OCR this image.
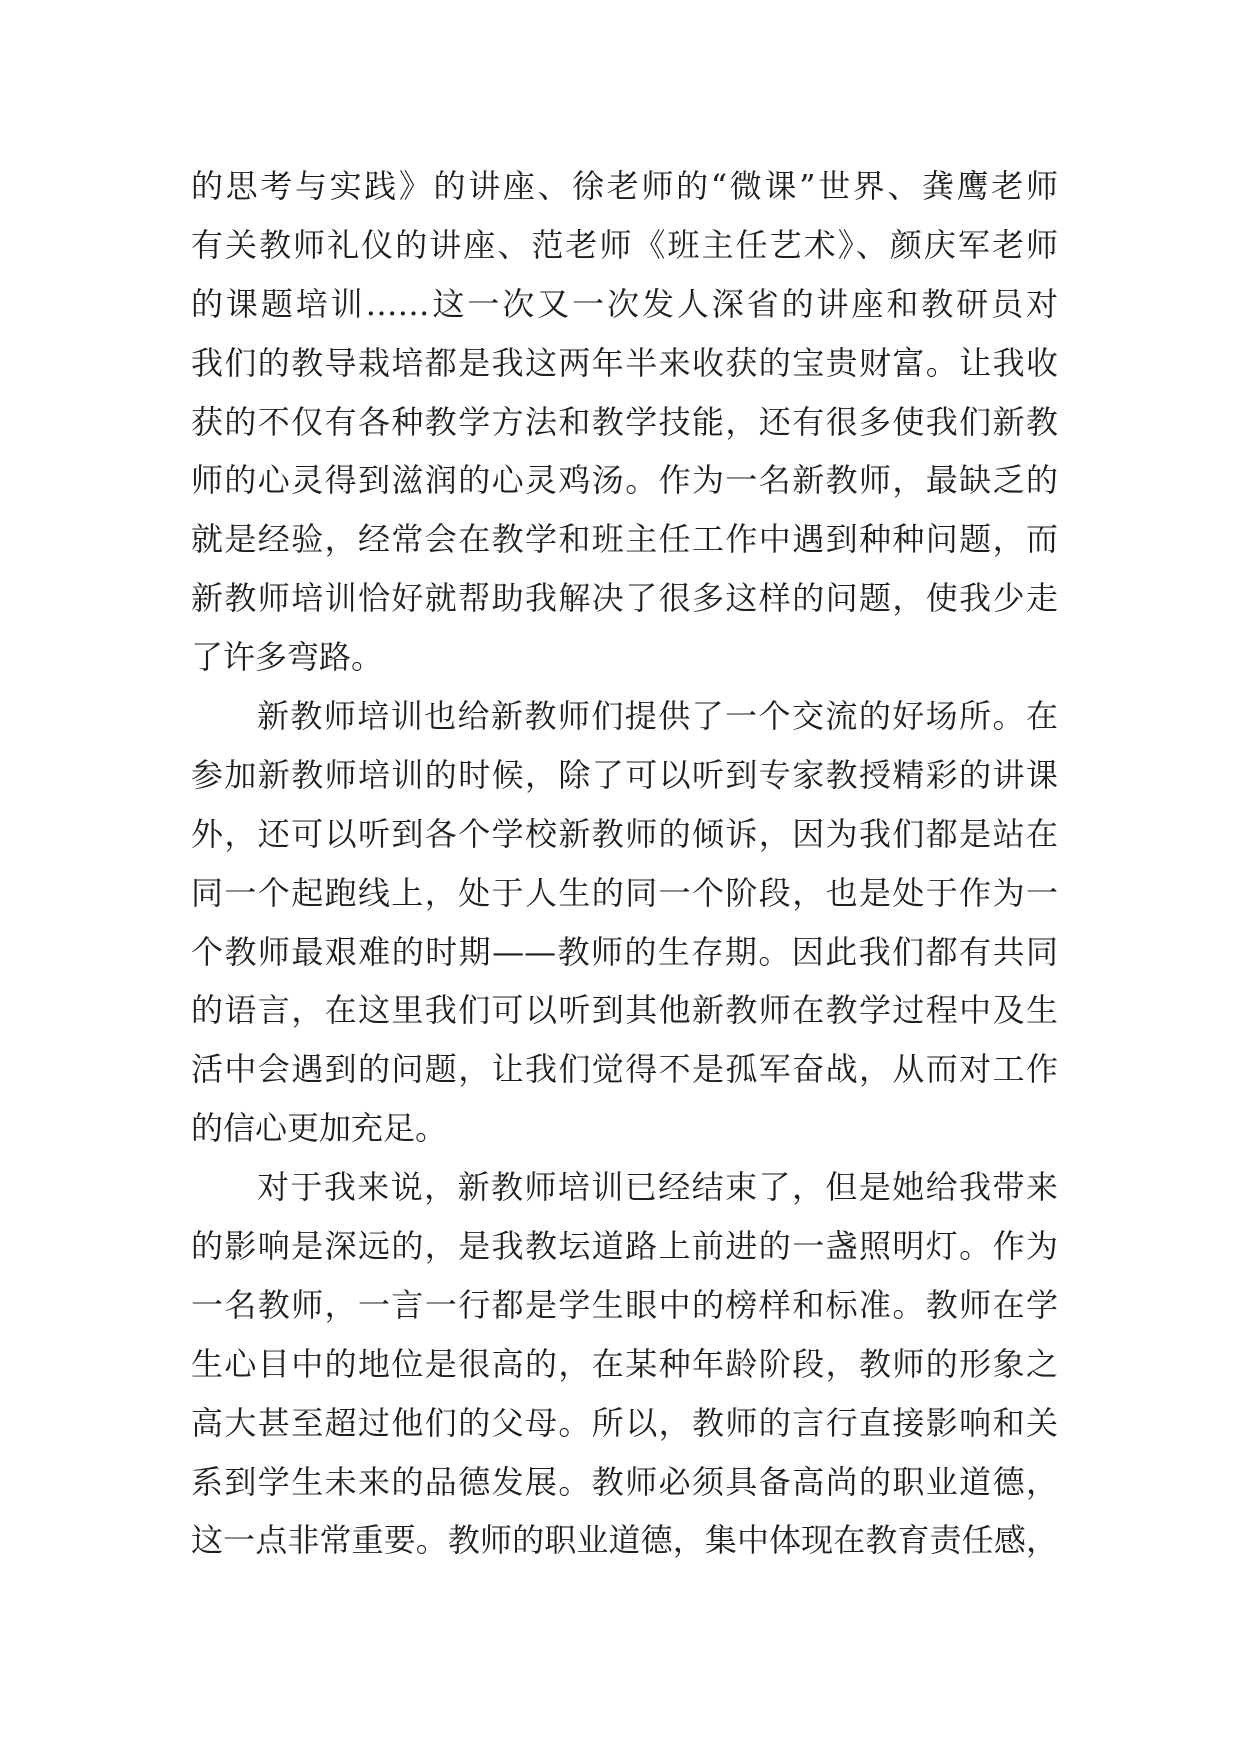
的思考与实践》的讲座、徐老师的“微课”世界、龚鹰老师
有关教师礼仪的讲座、范老师《班主任艺术》、颜庆军老师
的课题培训……这一次又一次发人深省的讲座和教研员对
我们的教导栽培都是我这两年半来收获的宝贵财富。让我收
获的不仅有各种教学方法和教学技能，还有很多使我们新教
师的心灵得到滋润的心灵鸡汤。作为一名新教师，最缺乏的
就是经验，经常会在教学和班主任工作中遇到种种问题，而
新教师培训恰好就帮助我解决了很多这样的问题，使我少走
了许多弯路。
新教师培训也给新教师们提供了一个交流的好场所。在
参加新教师培训的时候，除了可以听到专家教授精彩的讲课
外，还可以听到各个学校新教师的倾诉，因为我们都是站在
同一个起跑线上，处于人生的同一个阶段，也是处于作为一
个教师最艰难的时期——教师的生存期。因此我们都有共同
的语言，在这里我们可以听到其他新教师在教学过程中及生
活中会遇到的问题，让我们觉得不是孤军奋战，从而对工作
的信心更加充足。
对于我来说，新教师培训已经结束了，但是她给我带来
的影响是深远的，是我教坛道路上前进的一盏照明灯。作为
一名教师，一言一行都是学生眼中的榜样和标准。教师在学
生心目中的地位是很高的，在某种年龄阶段，教师的形象之
高大甚至超过他们的父母。所以，教师的言行直接影响和关
系到学生未来的品德发展。教师必须具备高尚的职业道德，
这一点非常重要。教师的职业道德，集中体现在教育责任感，
